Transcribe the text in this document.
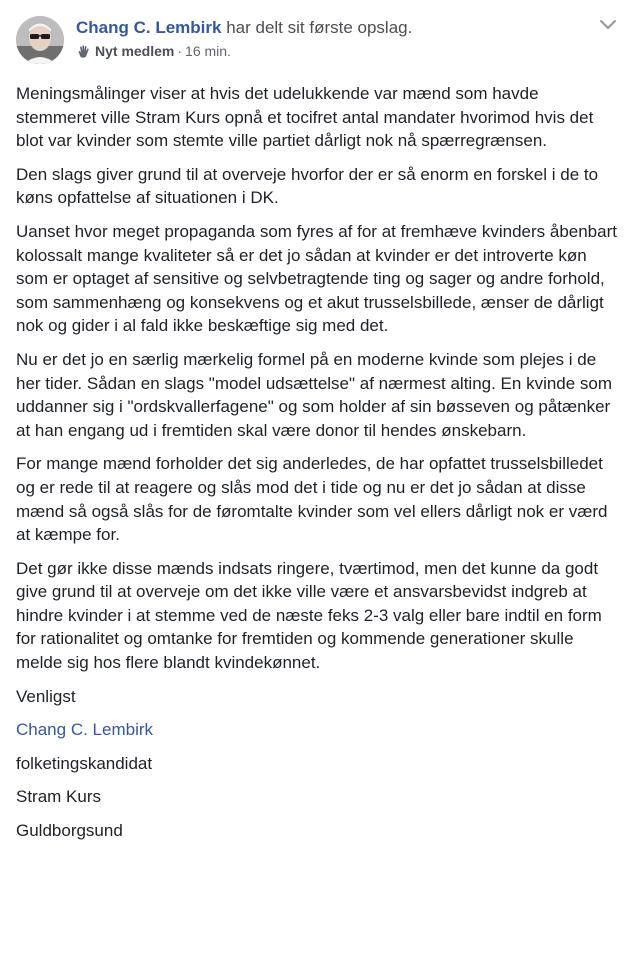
Chang C. Lembirk har delt sit første opslag.
Nyt medlem · 16 min.

Meningsmålinger viser at hvis det udelukkende var mænd som havde stemmeret ville Stram Kurs opnå et tocifret antal mandater hvorimod hvis det blot var kvinder som stemte ville partiet dårligt nok nå spærregrænsen.

Den slags giver grund til at overveje hvorfor der er så enorm en forskel i de to køns opfattelse af situationen i DK.

Uanset hvor meget propaganda som fyres af for at fremhæve kvinders åbenbart kolossalt mange kvaliteter så er det jo sådan at kvinder er det introverte køn som er optaget af sensitive og selvbetragtende ting og sager og andre forhold, som sammenhæng og konsekvens og et akut trusselsbillede, ænser de dårligt nok og gider i al fald ikke beskæftige sig med det.

Nu er det jo en særlig mærkelig formel på en moderne kvinde som plejes i de her tider. Sådan en slags "model udsættelse" af nærmest alting. En kvinde som uddanner sig i "ordskvallerfagene" og som holder af sin bøsseven og påtænker at han engang ud i fremtiden skal være donor til hendes ønskebarn.

For mange mænd forholder det sig anderledes, de har opfattet trusselsbilledet og er rede til at reagere og slås mod det i tide og nu er det jo sådan at disse mænd så også slås for de føromtalte kvinder som vel ellers dårligt nok er værd at kæmpe for.

Det gør ikke disse mænds indsats ringere, tværtimod, men det kunne da godt give grund til at overveje om det ikke ville være et ansvarsbevidst indgreb at hindre kvinder i at stemme ved de næste feks 2-3 valg eller bare indtil en form for rationalitet og omtanke for fremtiden og kommende generationer skulle melde sig hos flere blandt kvindekønnet.

Venligst

Chang C. Lembirk

folketingskandidat

Stram Kurs

Guldborgsund
